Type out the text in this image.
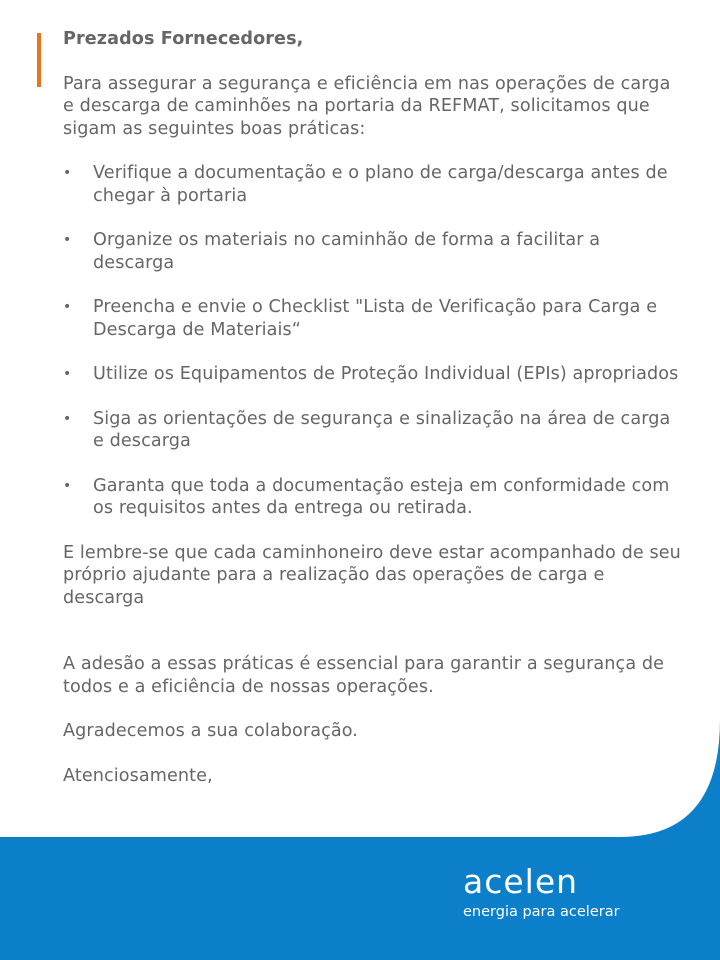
Prezados Fornecedores,

Para assegurar a segurança e eficiência em nas operações de carga e descarga de caminhões na portaria da REFMAT, solicitamos que sigam as seguintes boas práticas:

• Verifique a documentação e o plano de carga/descarga antes de chegar à portaria
• Organize os materiais no caminhão de forma a facilitar a descarga
• Preencha e envie o Checklist "Lista de Verificação para Carga e Descarga de Materiais“
• Utilize os Equipamentos de Proteção Individual (EPIs) apropriados
• Siga as orientações de segurança e sinalização na área de carga e descarga
• Garanta que toda a documentação esteja em conformidade com os requisitos antes da entrega ou retirada.

E lembre-se que cada caminhoneiro deve estar acompanhado de seu próprio ajudante para a realização das operações de carga e descarga

A adesão a essas práticas é essencial para garantir a segurança de todos e a eficiência de nossas operações.

Agradecemos a sua colaboração.

Atenciosamente,

acelen
energia para acelerar
